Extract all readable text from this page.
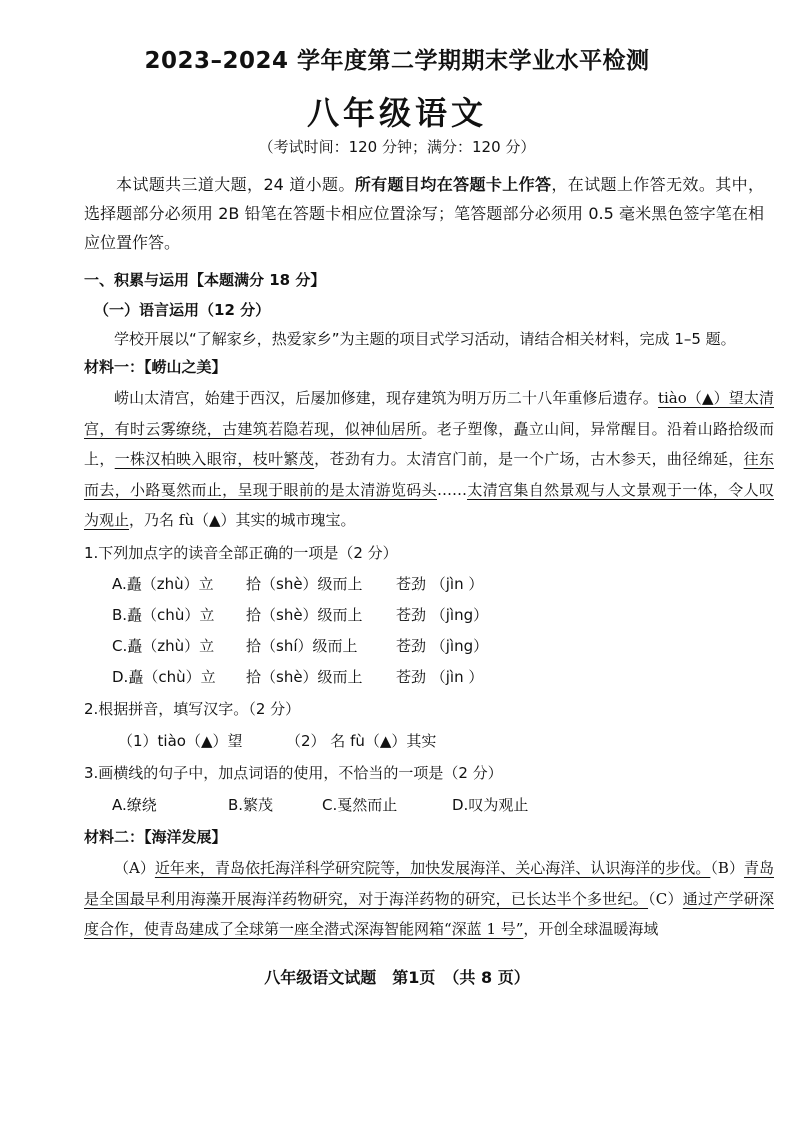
2023–2024 学年度第二学期期末学业水平检测
八年级语文
（考试时间：120 分钟；满分：120 分）
本试题共三道大题，24 道小题。所有题目均在答题卡上作答，在试题上作答无效。其中，选择题部分必须用 2B 铅笔在答题卡相应位置涂写；笔答题部分必须用 0.5 毫米黑色签字笔在相应位置作答。
一、积累与运用【本题满分 18 分】
（一）语言运用（12 分）
学校开展以“了解家乡，热爱家乡”为主题的项目式学习活动，请结合相关材料，完成 1–5 题。
材料一：【崂山之美】
崂山太清宫，始建于西汉，后屡加修建，现存建筑为明万历二十八年重修后遗存。tiào（▲）望太清宫，有时云雾缭绕，古建筑若隐若现，似神仙居所。老子塑像，矗立山间，异常醒目。沿着山路拾级而上，一株汉柏映入眼帘，枝叶繁茂，苍劲有力。太清宫门前，是一个广场，古木参天，曲径绵延，往东而去，小路戛然而止，呈现于眼前的是太清游览码头……太清宫集自然景观与人文景观于一体，令人叹为观止，乃名 fù（▲）其实的城市瑰宝。
1.下列加点字的读音全部正确的一项是（2 分）
A.矗（zhù）立 拾（shè）级而上 苍劲 （jìn ）
B.矗（chù）立 拾（shè）级而上 苍劲 （jìng）
C.矗（zhù）立 拾（shí）级而上	苍劲 （jìng）
D.矗（chù）立 拾（shè）级而上 苍劲 （jìn ）
2.根据拼音，填写汉字。（2 分）
（1）tiào（▲）望	（2） 名 fù（▲）其实
3.画横线的句子中，加点词语的使用，不恰当的一项是（2 分）
A.缭绕	B.繁茂	C.戛然而止	D.叹为观止
材料二：【海洋发展】
（A）近年来，青岛依托海洋科学研究院等，加快发展海洋、关心海洋、认识海洋的步伐。（B）青岛是全国最早利用海藻开展海洋药物研究，对于海洋药物的研究，已长达半个多世纪。（C）通过产学研深度合作，使青岛建成了全球第一座全潜式深海智能网箱“深蓝 1 号”，开创全球温暖海域
八年级语文试题　第1页　（共 8 页）
